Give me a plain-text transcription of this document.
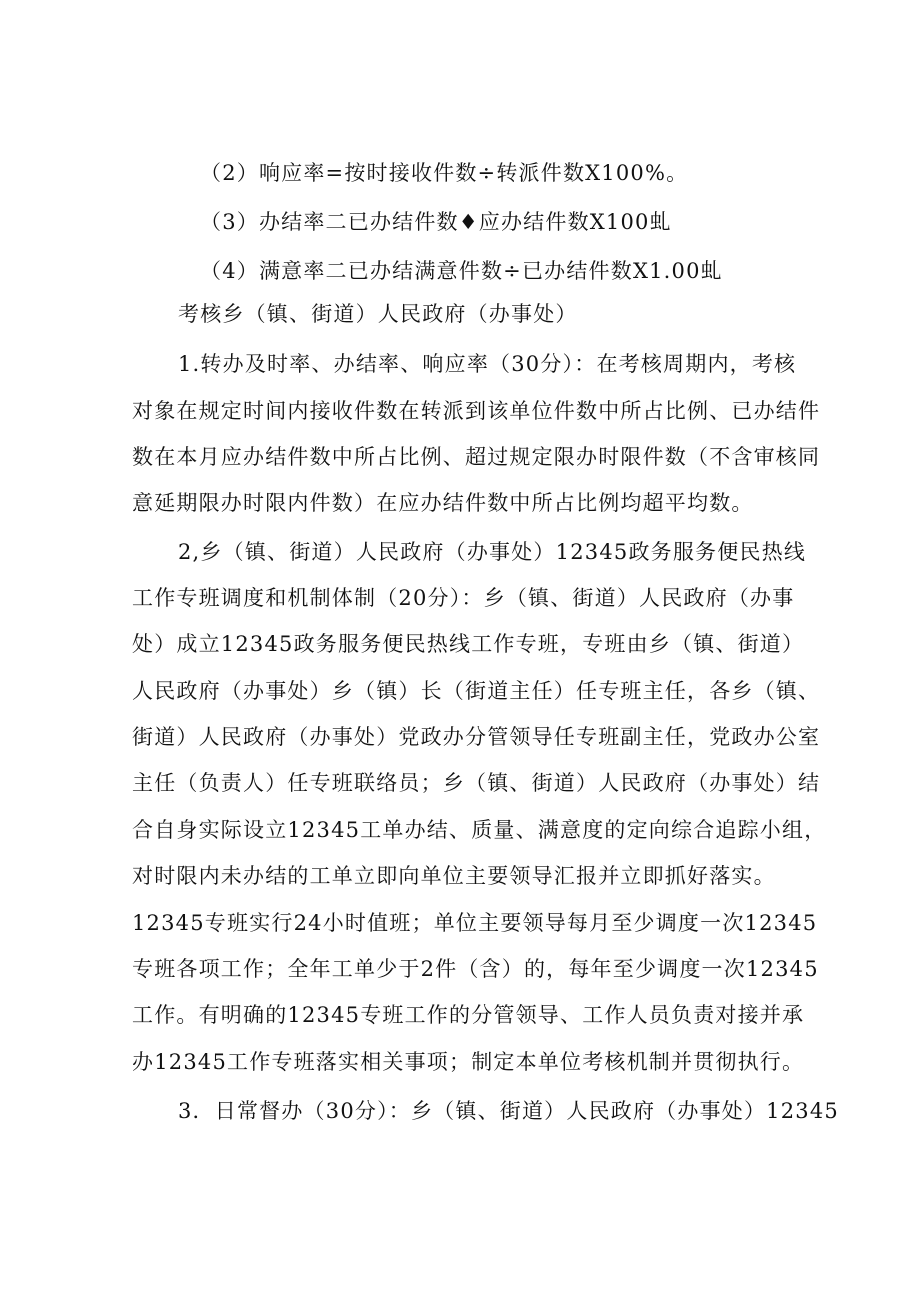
（2）响应率=按时接收件数÷转派件数X100%。
（3）办结率二已办结件数♦应办结件数X100虬
（4）满意率二已办结满意件数÷已办结件数X1.00虬
考核乡（镇、街道）人民政府（办事处）
1.转办及时率、办结率、响应率（30分）：在考核周期内，考核
对象在规定时间内接收件数在转派到该单位件数中所占比例、已办结件
数在本月应办结件数中所占比例、超过规定限办时限件数（不含审核同
意延期限办时限内件数）在应办结件数中所占比例均超平均数。
2,乡（镇、街道）人民政府（办事处）12345政务服务便民热线
工作专班调度和机制体制（20分）：乡（镇、街道）人民政府（办事
处）成立12345政务服务便民热线工作专班，专班由乡（镇、街道）
人民政府（办事处）乡（镇）长（街道主任）任专班主任，各乡（镇、
街道）人民政府（办事处）党政办分管领导任专班副主任，党政办公室
主任（负责人）任专班联络员；乡（镇、街道）人民政府（办事处）结
合自身实际设立12345工单办结、质量、满意度的定向综合追踪小组，
对时限内未办结的工单立即向单位主要领导汇报并立即抓好落实。
12345专班实行24小时值班；单位主要领导每月至少调度一次12345
专班各项工作；全年工单少于2件（含）的，每年至少调度一次12345
工作。有明确的12345专班工作的分管领导、工作人员负责对接并承
办12345工作专班落实相关事项；制定本单位考核机制并贯彻执行。
3．日常督办（30分）：乡（镇、街道）人民政府（办事处）12345
